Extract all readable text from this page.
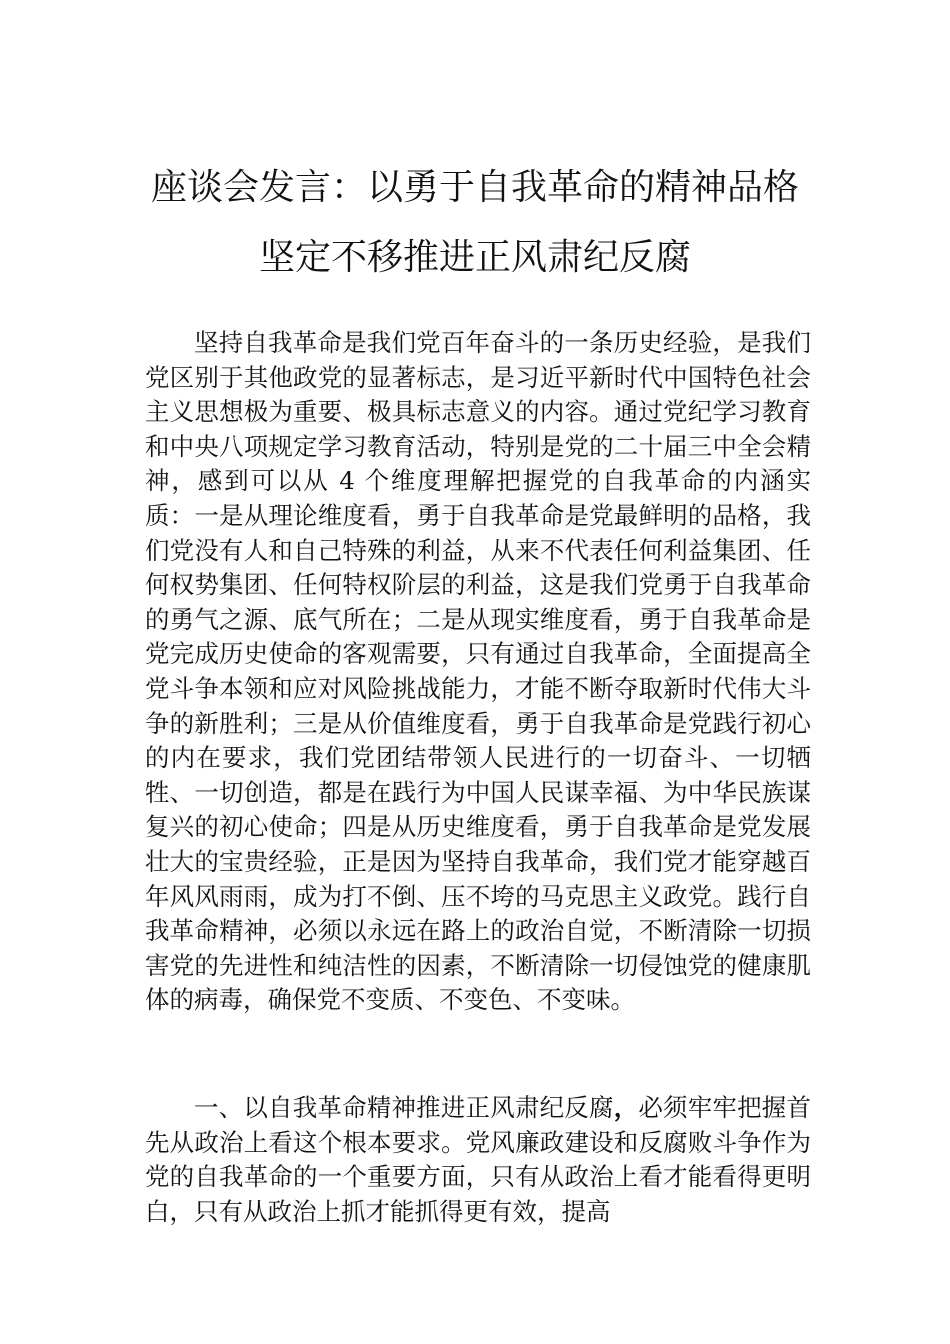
座谈会发言：以勇于自我革命的精神品格
坚定不移推进正风肃纪反腐

坚持自我革命是我们党百年奋斗的一条历史经验，是我们党区别于其他政党的显著标志，是习近平新时代中国特色社会主义思想极为重要、极具标志意义的内容。通过党纪学习教育和中央八项规定学习教育活动，特别是党的二十届三中全会精神，感到可以从 4 个维度理解把握党的自我革命的内涵实质：一是从理论维度看，勇于自我革命是党最鲜明的品格，我们党没有人和自己特殊的利益，从来不代表任何利益集团、任何权势集团、任何特权阶层的利益，这是我们党勇于自我革命的勇气之源、底气所在；二是从现实维度看，勇于自我革命是党完成历史使命的客观需要，只有通过自我革命，全面提高全党斗争本领和应对风险挑战能力，才能不断夺取新时代伟大斗争的新胜利；三是从价值维度看，勇于自我革命是党践行初心的内在要求，我们党团结带领人民进行的一切奋斗、一切牺牲、一切创造，都是在践行为中国人民谋幸福、为中华民族谋复兴的初心使命；四是从历史维度看，勇于自我革命是党发展壮大的宝贵经验，正是因为坚持自我革命，我们党才能穿越百年风风雨雨，成为打不倒、压不垮的马克思主义政党。践行自我革命精神，必须以永远在路上的政治自觉，不断清除一切损害党的先进性和纯洁性的因素，不断清除一切侵蚀党的健康肌体的病毒，确保党不变质、不变色、不变味。

一、以自我革命精神推进正风肃纪反腐，必须牢牢把握首先从政治上看这个根本要求。党风廉政建设和反腐败斗争作为党的自我革命的一个重要方面，只有从政治上看才能看得更明白，只有从政治上抓才能抓得更有效，提高
